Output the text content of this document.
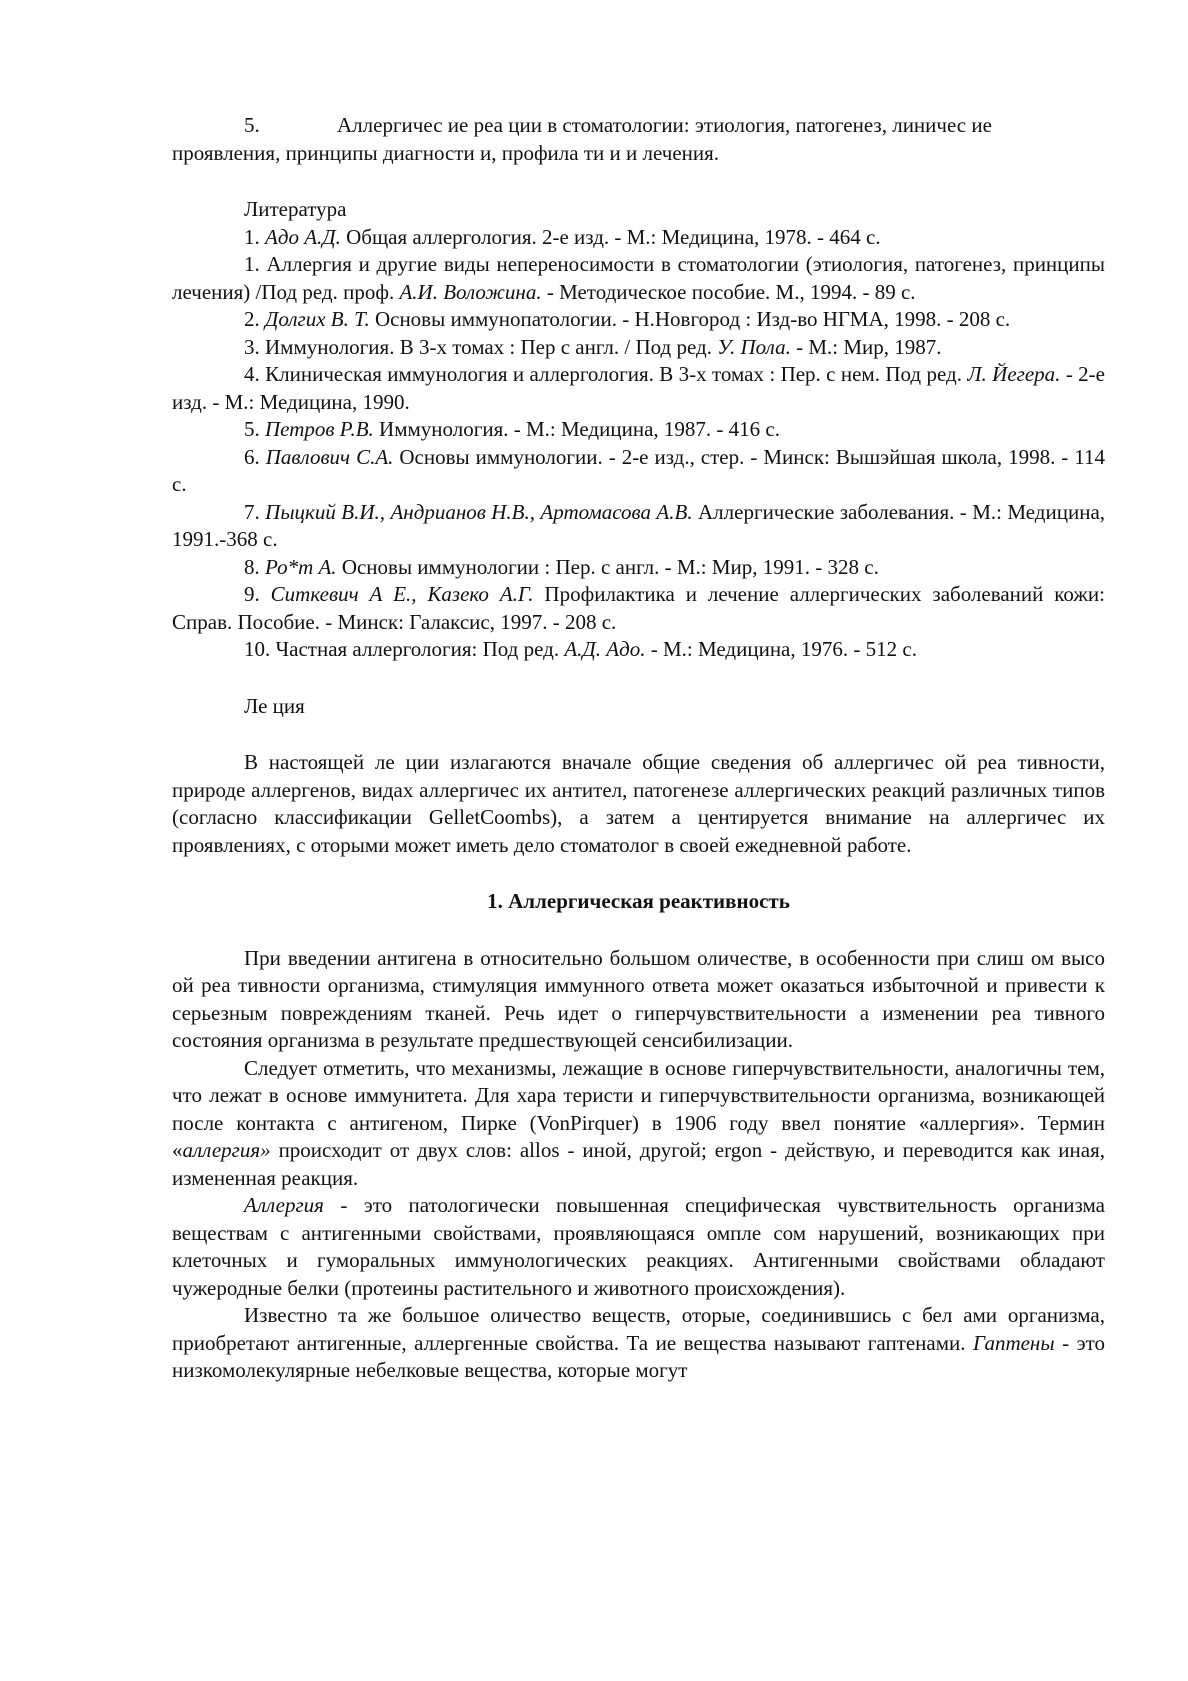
5.	Аллергичес ие реа ции в стоматологии: этиология, патогенез, линичес ие

проявления, принципы диагности и, профила ти и и лечения.

Литература

1. Адо А.Д. Общая аллергология. 2-е изд. - М.: Медицина, 1978. - 464 с.

1. Аллергия и другие виды непереносимости в стоматологии (этиология, патогенез, принципы лечения) /Под ред. проф. А.И. Воложина. - Методическое пособие. М., 1994. - 89 с.

2. Долгих В. Т. Основы иммунопатологии. - Н.Новгород : Изд-во НГМА, 1998. - 208 с.

3. Иммунология. В 3-х томах : Пер с англ. / Под ред. У. Пола. - М.: Мир, 1987.

4. Клиническая иммунология и аллергология. В 3-х томах : Пер. с нем. Под ред. Л. Йегера. - 2-е изд. - М.: Медицина, 1990.

5. Петров Р.В. Иммунология. - М.: Медицина, 1987. - 416 с.

6. Павлович С.А. Основы иммунологии. - 2-е изд., стер. - Минск: Вышэйшая школа, 1998. - 114 с.

7. Пыцкий В.И., Андрианов Н.В., Артомасова А.В. Аллергические заболевания. - М.: Медицина, 1991.-368 с.

8. Ро*т А. Основы иммунологии : Пер. с англ. - М.: Мир, 1991. - 328 с.

9. Ситкевич А Е., Казеко А.Г. Профилактика и лечение аллергических заболеваний кожи: Справ. Пособие. - Минск: Галаксис, 1997. - 208 с.

10. Частная аллергология: Под ред. А.Д. Адо. - М.: Медицина, 1976. - 512 с.

Ле ция

В настоящей ле ции излагаются вначале общие сведения об аллергичес ой реа тивности, природе аллергенов, видах аллергичес их антител, патогенезе аллергических реакций различных типов (согласно классификации GelletCoombs), а затем а центируется внимание на аллергичес их проявлениях, с оторыми может иметь дело стоматолог в своей ежедневной работе.

1. Аллергическая реактивность

При введении антигена в относительно большом оличестве, в особенности при слиш ом высо ой реа тивности организма, стимуляция иммунного ответа может оказаться избыточной и привести к серьезным повреждениям тканей. Речь идет о гиперчувствительности а изменении реа тивного состояния организма в результате предшествующей сенсибилизации.

Следует отметить, что механизмы, лежащие в основе гиперчувствительности, аналогичны тем, что лежат в основе иммунитета. Для хара теристи и гиперчувствительности организма, возникающей после контакта с антигеном, Пирке (VonPirquer) в 1906 году ввел понятие «аллергия». Термин «аллергия» происходит от двух слов: allos - иной, другой; ergon - действую, и переводится как иная, измененная реакция.

Аллергия - это патологически повышенная специфическая чувствительность организма веществам с антигенными свойствами, проявляющаяся омпле сом нарушений, возникающих при клеточных и гуморальных иммунологических реакциях. Антигенными свойствами обладают чужеродные белки (протеины растительного и животного происхождения).

Известно та же большое оличество веществ, оторые, соединившись с бел ами организма, приобретают антигенные, аллергенные свойства. Та ие вещества называют гаптенами. Гаптены - это низкомолекулярные небелковые вещества, которые могут
